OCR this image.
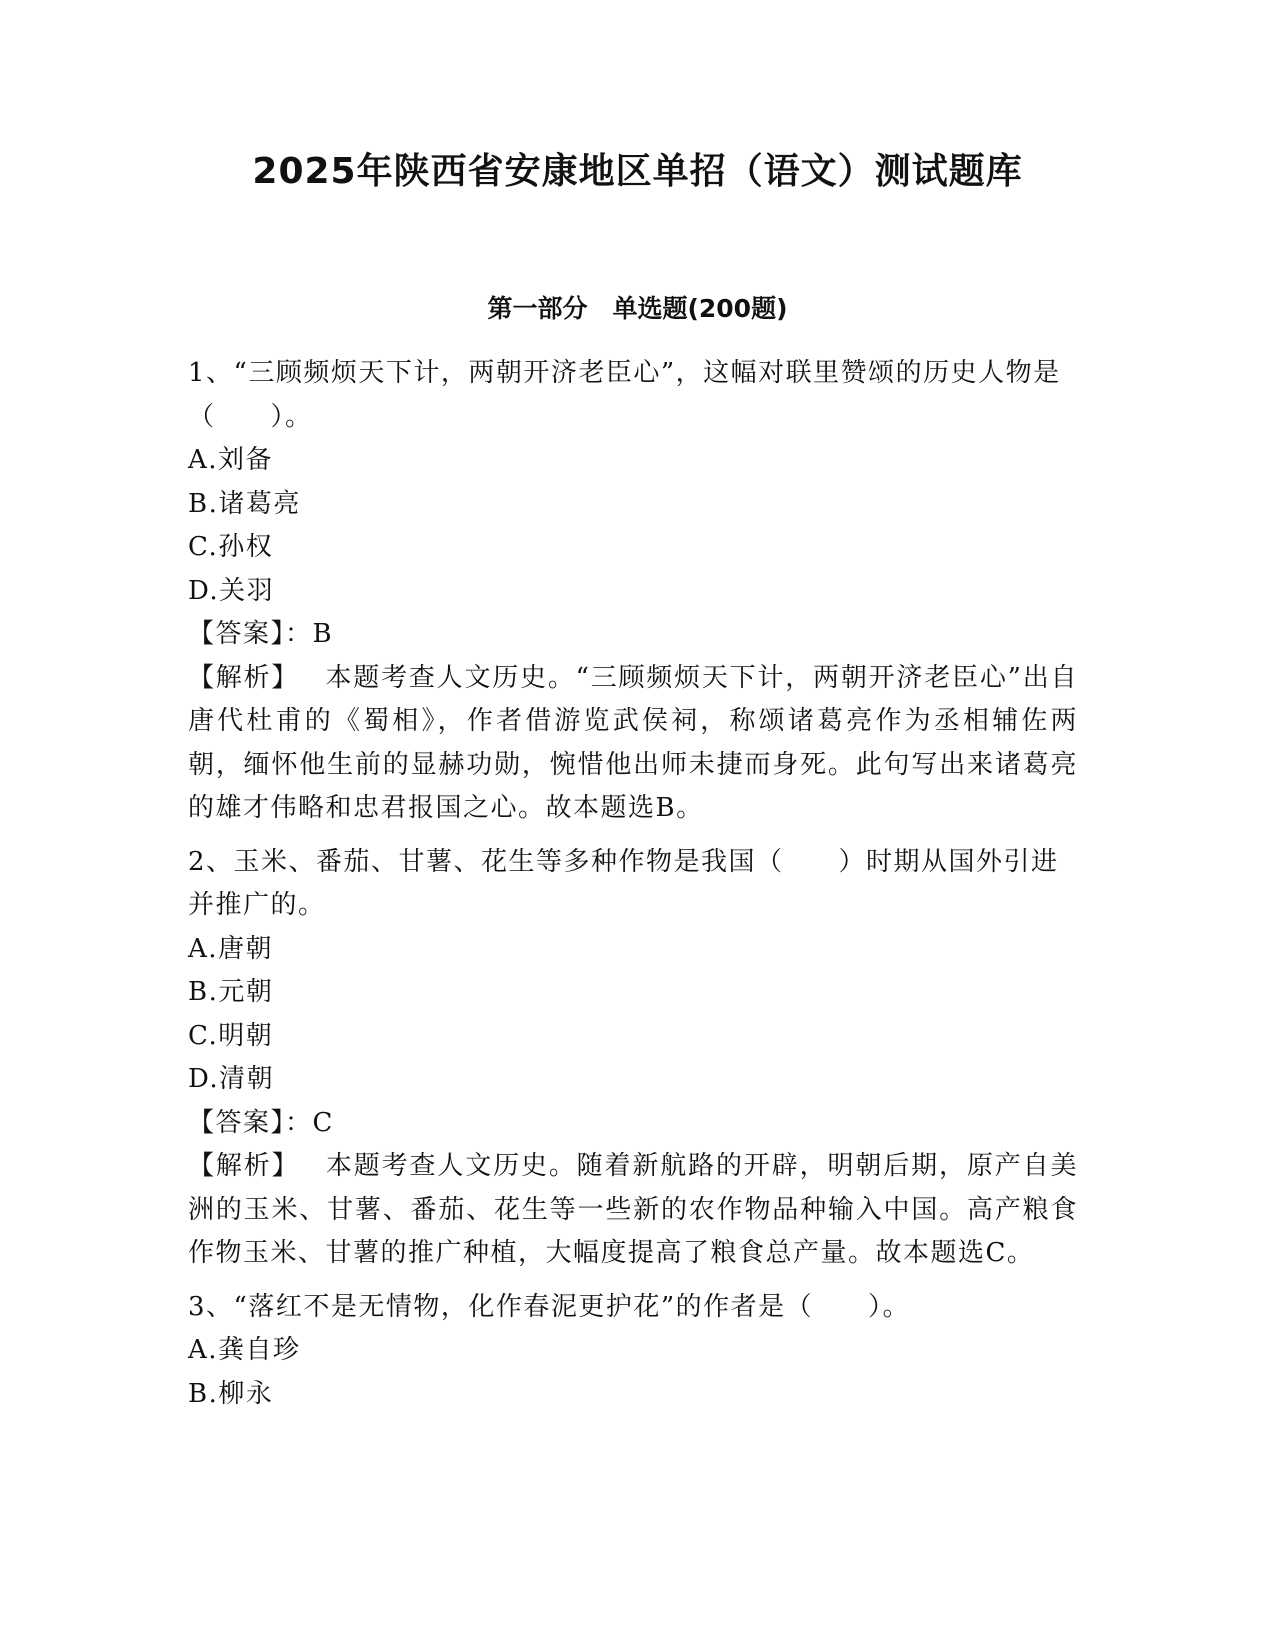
2025年陕西省安康地区单招（语文）测试题库
第一部分　单选题(200题)

1、“三顾频烦天下计，两朝开济老臣心”，这幅对联里赞颂的历史人物是（　　）。

A.刘备

B.诸葛亮

C.孙权

D.关羽

【答案】：B

【解析】 本题考查人文历史。“三顾频烦天下计，两朝开济老臣心”出自唐代杜甫的《蜀相》，作者借游览武侯祠，称颂诸葛亮作为丞相辅佐两朝，缅怀他生前的显赫功勋，惋惜他出师未捷而身死。此句写出来诸葛亮的雄才伟略和忠君报国之心。故本题选B。

2、玉米、番茄、甘薯、花生等多种作物是我国（　　）时期从国外引进并推广的。

A.唐朝

B.元朝

C.明朝

D.清朝

【答案】：C

【解析】 本题考查人文历史。随着新航路的开辟，明朝后期，原产自美洲的玉米、甘薯、番茄、花生等一些新的农作物品种输入中国。高产粮食作物玉米、甘薯的推广种植，大幅度提高了粮食总产量。故本题选C。

3、“落红不是无情物，化作春泥更护花”的作者是（　　）。

A.龚自珍

B.柳永
